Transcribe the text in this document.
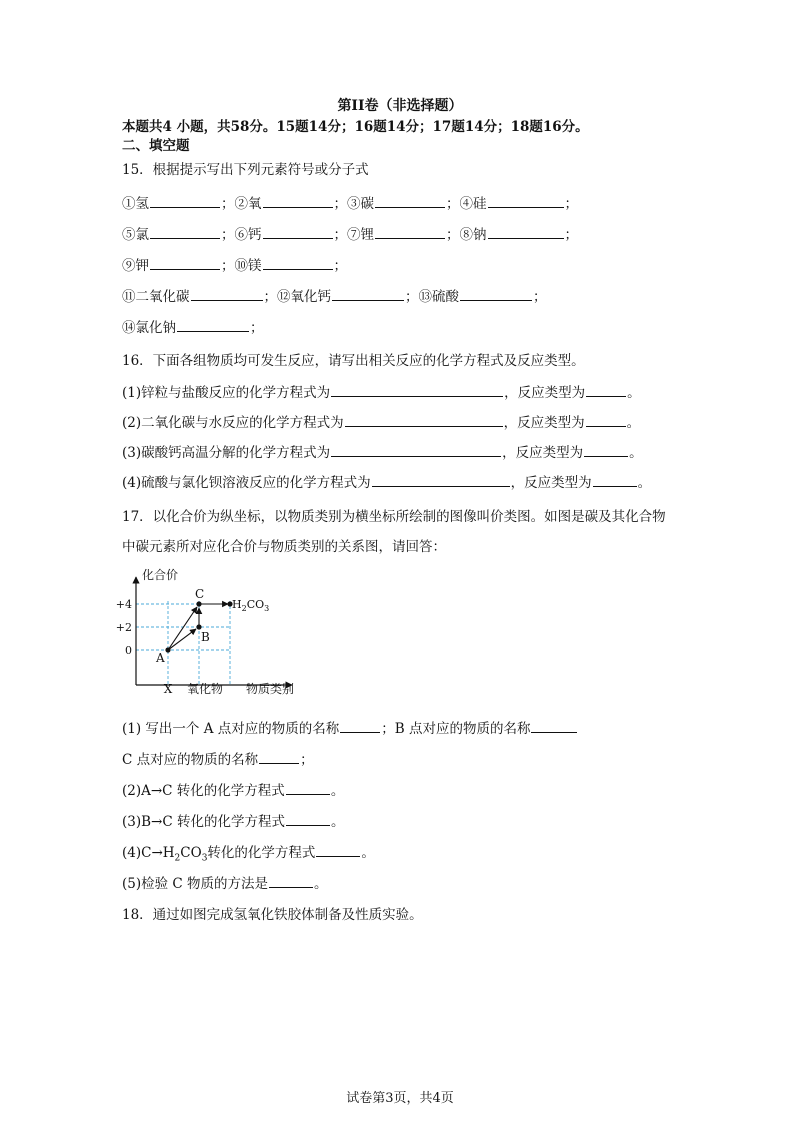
第II卷（非选择题）
本题共4 小题，共58分。15题14分；16题14分；17题14分；18题16分。
二、填空题
15．根据提示写出下列元素符号或分子式
①氢	；②氧	；③碳	；④硅	；
⑤氯	；⑥钙	；⑦锂	；⑧钠	；
⑨钾	；⑩镁	；
⑪二氧化碳	；⑫氧化钙	；⑬硫酸	；
⑭氯化钠	；
16．下面各组物质均可发生反应，请写出相关反应的化学方程式及反应类型。
(1)锌粒与盐酸反应的化学方程式为	，反应类型为	。
(2)二氧化碳与水反应的化学方程式为	，反应类型为	。
(3)碳酸钙高温分解的化学方程式为	，反应类型为	。
(4)硫酸与氯化钡溶液反应的化学方程式为	，反应类型为	。
17．以化合价为纵坐标，以物质类别为横坐标所绘制的图像叫价类图。如图是碳及其化合物
中碳元素所对应化合价与物质类别的关系图，请回答：
化合价
物质类别
+4
+2
0
X 氧化物
A
B
C
$H_2CO_3$
(1) 写出一个 A 点对应的物质的名称	；B 点对应的物质的名称
C 点对应的物质的名称	；
(2)A→C 转化的化学方程式	。
(3)B→C 转化的化学方程式	。
$(4)C\to H_2CO_3$转化的化学方程式	。
(5)检验 C 物质的方法是	。
18．通过如图完成氢氧化铁胶体制备及性质实验。
试卷第3页，共4页
